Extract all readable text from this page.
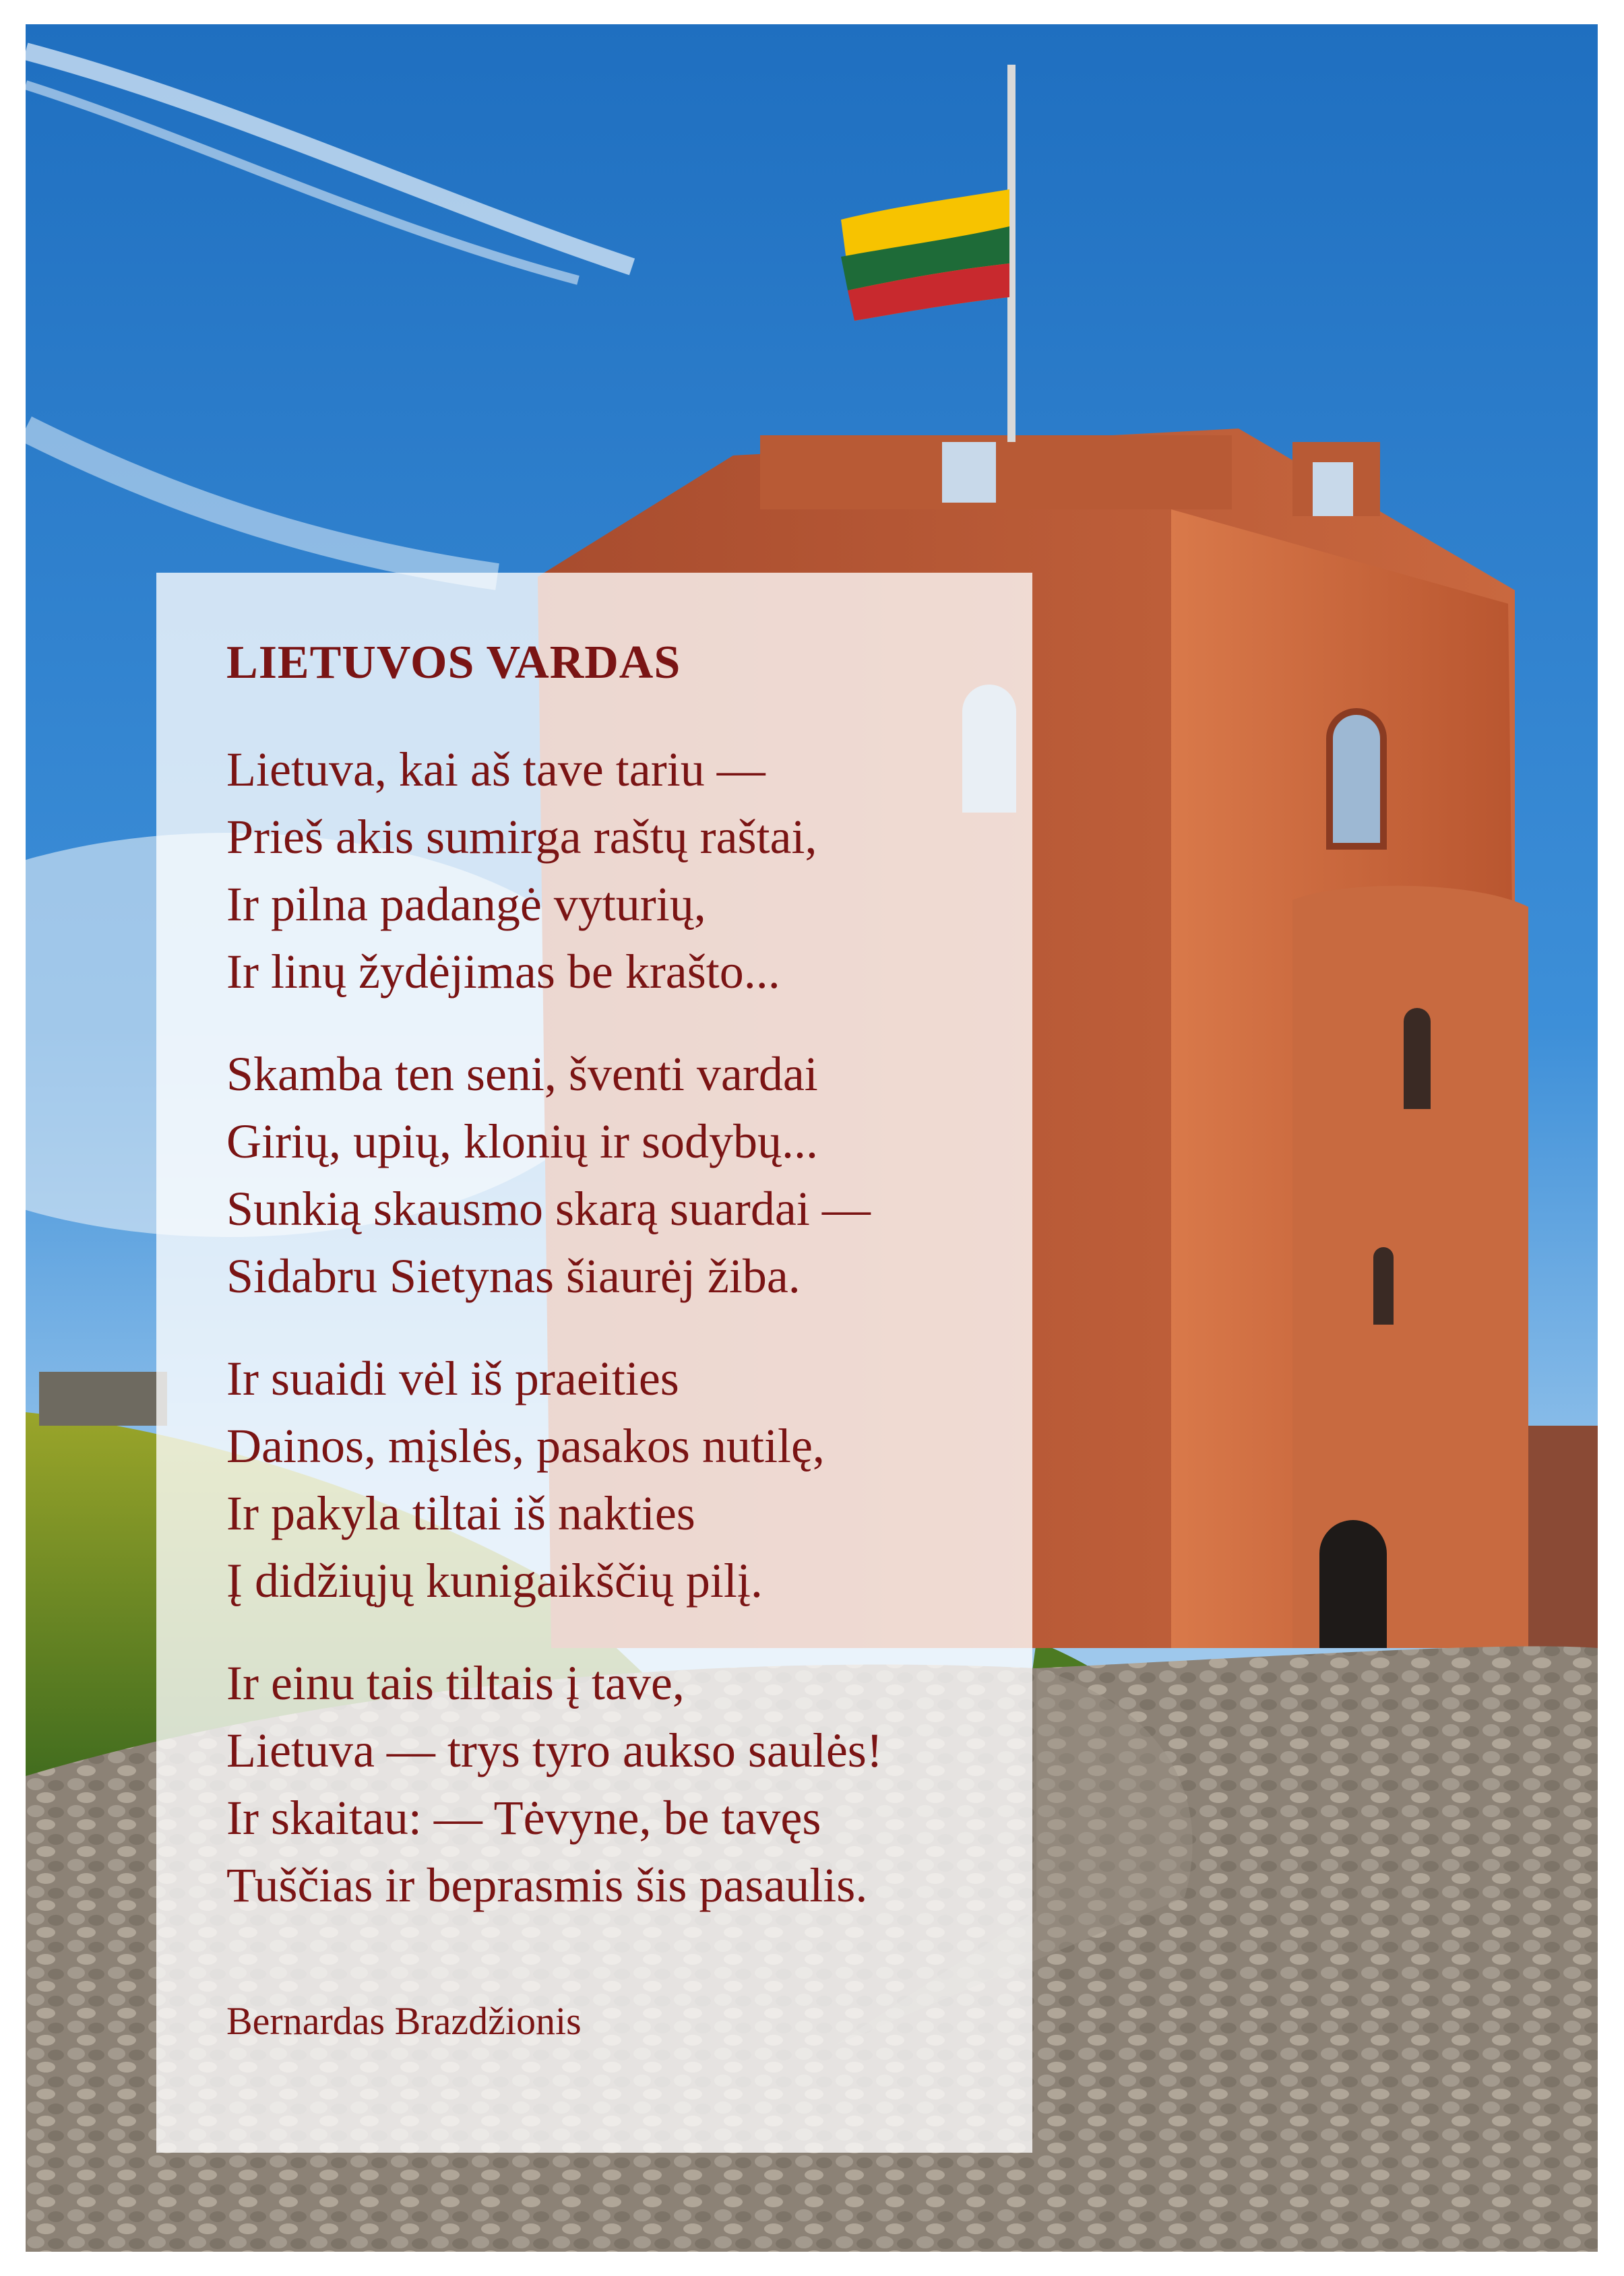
LIETUVOS VARDAS
Lietuva, kai aš tave tariu —
Prieš akis sumirga raštų raštai,
Ir pilna padangė vyturių,
Ir linų žydėjimas be krašto...
Skamba ten seni, šventi vardai
Girių, upių, klonių ir sodybų...
Sunkią skausmo skarą suardai —
Sidabru Sietynas šiaurėj žiba.
Ir suaidi vėl iš praeities
Dainos, mįslės, pasakos nutilę,
Ir pakyla tiltai iš nakties
Į didžiųjų kunigaikščių pilį.
Ir einu tais tiltais į tave,
Lietuva — trys tyro aukso saulės!
Ir skaitau: — Tėvyne, be tavęs
Tuščias ir beprasmis šis pasaulis.
Bernardas Brazdžionis
